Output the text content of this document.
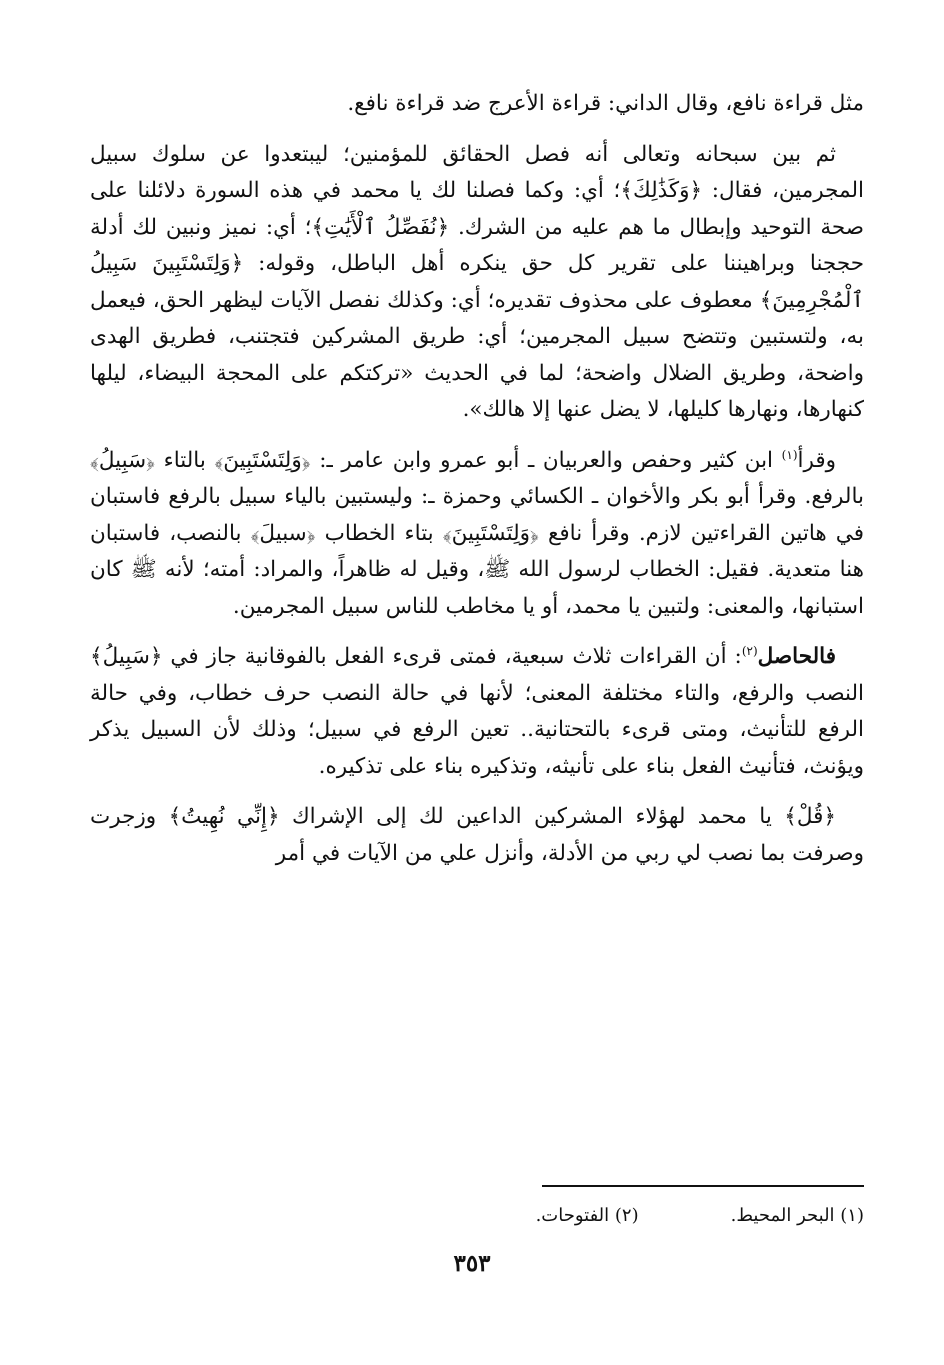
مثل قراءة نافع، وقال الداني: قراءة الأعرج ضد قراءة نافع.

ثم بين سبحانه وتعالى أنه فصل الحقائق للمؤمنين؛ ليبتعدوا عن سلوك سبيل المجرمين، فقال: ﴿وَكَذَٰلِكَ﴾؛ أي: وكما فصلنا لك يا محمد في هذه السورة دلائلنا على صحة التوحيد وإبطال ما هم عليه من الشرك. ﴿نُفَصِّلُ ٱلْأَيَٰتِ﴾؛ أي: نميز ونبين لك أدلة حججنا وبراهيننا على تقرير كل حق ينكره أهل الباطل، وقوله: ﴿وَلِتَسْتَبِينَ سَبِيلُ ٱلْمُجْرِمِينَ﴾ معطوف على محذوف تقديره؛ أي: وكذلك نفصل الآيات ليظهر الحق، فيعمل به، ولتستبين وتتضح سبيل المجرمين؛ أي: طريق المشركين فتجتنب، فطريق الهدى واضحة، وطريق الضلال واضحة؛ لما في الحديث «تركتكم على المحجة البيضاء، ليلها كنهارها، ونهارها كليلها، لا يضل عنها إلا هالك».

وقرأ$^{(١)}$ ابن كثير وحفص والعربيان ـ أبو عمرو وابن عامر ـ: ﴿وَلِتَسْتَبِينَ﴾ بالتاء ﴿سَبِيلُ﴾ بالرفع. وقرأ أبو بكر والأخوان ـ الكسائي وحمزة ـ: وليستبين بالياء سبيل بالرفع فاستبان في هاتين القراءتين لازم. وقرأ نافع ﴿وَلِتَسْتَبِينَ﴾ بتاء الخطاب ﴿سبيلَ﴾ بالنصب، فاستبان هنا متعدية. فقيل: الخطاب لرسول الله ﷺ، وقيل له ظاهراً، والمراد: أمته؛ لأنه ﷺ كان استبانها، والمعنى: ولتبين يا محمد، أو يا مخاطب للناس سبيل المجرمين.

فالحاصل$^{(٢)}$: أن القراءات ثلاث سبعية، فمتى قرىء الفعل بالفوقانية جاز في ﴿سَبِيلُ﴾ النصب والرفع، والتاء مختلفة المعنى؛ لأنها في حالة النصب حرف خطاب، وفي حالة الرفع للتأنيث، ومتى قرىء بالتحتانية.. تعين الرفع في سبيل؛ وذلك لأن السبيل يذكر ويؤنث، فتأنيث الفعل بناء على تأنيثه، وتذكيره بناء على تذكيره.

﴿قُلْ﴾ يا محمد لهؤلاء المشركين الداعين لك إلى الإشراك ﴿إِنِّي نُهِيتُ﴾ وزجرت وصرفت بما نصب لي ربي من الأدلة، وأنزل علي من الآيات في أمر

(١) البحر المحيط.(٢) الفتوحات.
٣٥٣
